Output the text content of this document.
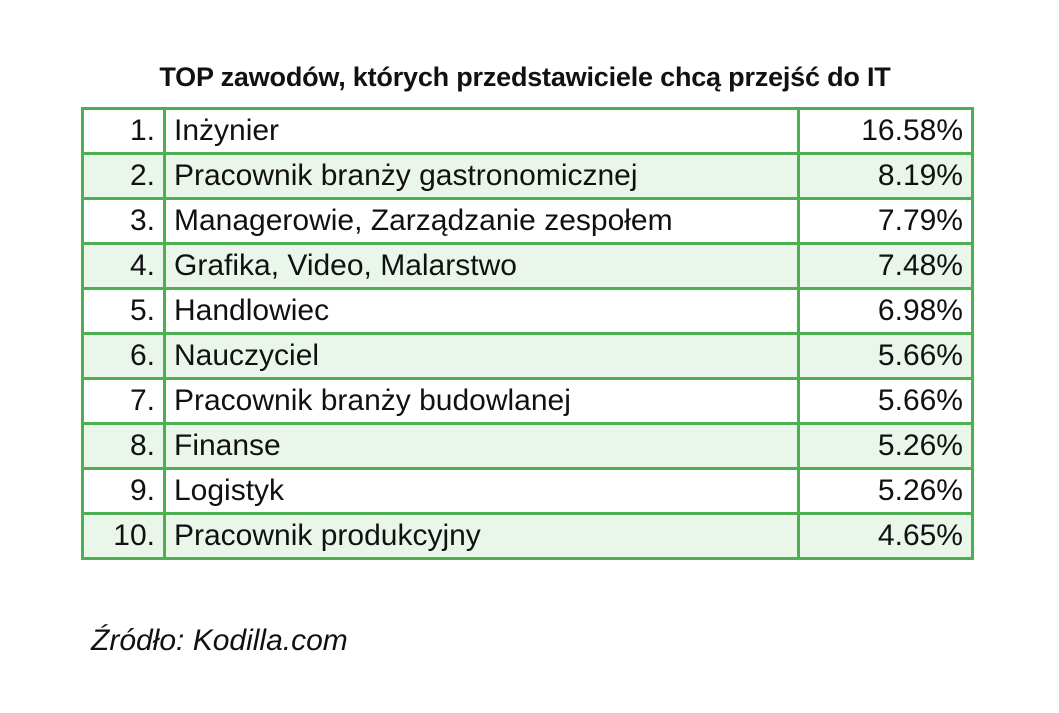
TOP zawodów, których przedstawiciele chcą przejść do IT
1.	Inżynier	16.58%
2.	Pracownik branży gastronomicznej	8.19%
3.	Managerowie, Zarządzanie zespołem	7.79%
4.	Grafika, Video, Malarstwo	7.48%
5.	Handlowiec	6.98%
6.	Nauczyciel	5.66%
7.	Pracownik branży budowlanej	5.66%
8.	Finanse	5.26%
9.	Logistyk	5.26%
10.	Pracownik produkcyjny	4.65%
Źródło: Kodilla.com
